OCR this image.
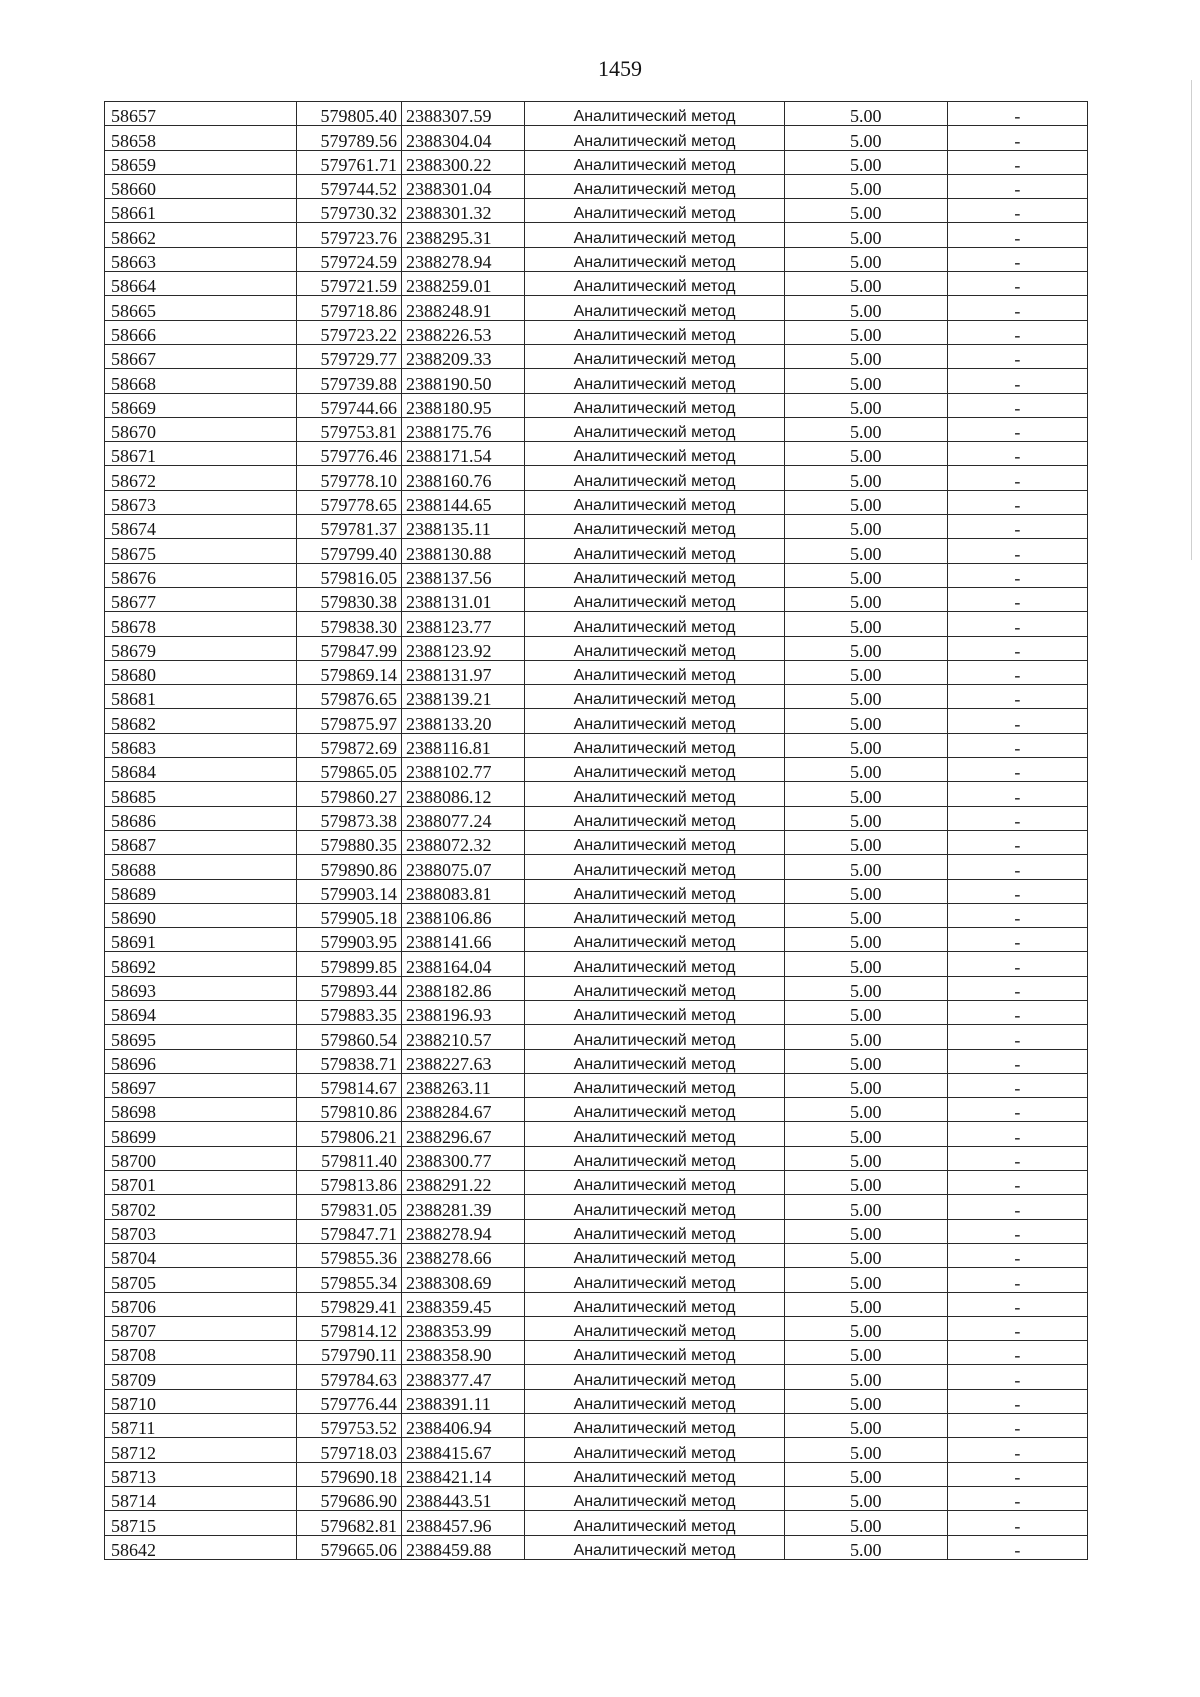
1459
58657	579805.40	2388307.59	Аналитический метод	5.00	-
58658	579789.56	2388304.04	Аналитический метод	5.00	-
58659	579761.71	2388300.22	Аналитический метод	5.00	-
58660	579744.52	2388301.04	Аналитический метод	5.00	-
58661	579730.32	2388301.32	Аналитический метод	5.00	-
58662	579723.76	2388295.31	Аналитический метод	5.00	-
58663	579724.59	2388278.94	Аналитический метод	5.00	-
58664	579721.59	2388259.01	Аналитический метод	5.00	-
58665	579718.86	2388248.91	Аналитический метод	5.00	-
58666	579723.22	2388226.53	Аналитический метод	5.00	-
58667	579729.77	2388209.33	Аналитический метод	5.00	-
58668	579739.88	2388190.50	Аналитический метод	5.00	-
58669	579744.66	2388180.95	Аналитический метод	5.00	-
58670	579753.81	2388175.76	Аналитический метод	5.00	-
58671	579776.46	2388171.54	Аналитический метод	5.00	-
58672	579778.10	2388160.76	Аналитический метод	5.00	-
58673	579778.65	2388144.65	Аналитический метод	5.00	-
58674	579781.37	2388135.11	Аналитический метод	5.00	-
58675	579799.40	2388130.88	Аналитический метод	5.00	-
58676	579816.05	2388137.56	Аналитический метод	5.00	-
58677	579830.38	2388131.01	Аналитический метод	5.00	-
58678	579838.30	2388123.77	Аналитический метод	5.00	-
58679	579847.99	2388123.92	Аналитический метод	5.00	-
58680	579869.14	2388131.97	Аналитический метод	5.00	-
58681	579876.65	2388139.21	Аналитический метод	5.00	-
58682	579875.97	2388133.20	Аналитический метод	5.00	-
58683	579872.69	2388116.81	Аналитический метод	5.00	-
58684	579865.05	2388102.77	Аналитический метод	5.00	-
58685	579860.27	2388086.12	Аналитический метод	5.00	-
58686	579873.38	2388077.24	Аналитический метод	5.00	-
58687	579880.35	2388072.32	Аналитический метод	5.00	-
58688	579890.86	2388075.07	Аналитический метод	5.00	-
58689	579903.14	2388083.81	Аналитический метод	5.00	-
58690	579905.18	2388106.86	Аналитический метод	5.00	-
58691	579903.95	2388141.66	Аналитический метод	5.00	-
58692	579899.85	2388164.04	Аналитический метод	5.00	-
58693	579893.44	2388182.86	Аналитический метод	5.00	-
58694	579883.35	2388196.93	Аналитический метод	5.00	-
58695	579860.54	2388210.57	Аналитический метод	5.00	-
58696	579838.71	2388227.63	Аналитический метод	5.00	-
58697	579814.67	2388263.11	Аналитический метод	5.00	-
58698	579810.86	2388284.67	Аналитический метод	5.00	-
58699	579806.21	2388296.67	Аналитический метод	5.00	-
58700	579811.40	2388300.77	Аналитический метод	5.00	-
58701	579813.86	2388291.22	Аналитический метод	5.00	-
58702	579831.05	2388281.39	Аналитический метод	5.00	-
58703	579847.71	2388278.94	Аналитический метод	5.00	-
58704	579855.36	2388278.66	Аналитический метод	5.00	-
58705	579855.34	2388308.69	Аналитический метод	5.00	-
58706	579829.41	2388359.45	Аналитический метод	5.00	-
58707	579814.12	2388353.99	Аналитический метод	5.00	-
58708	579790.11	2388358.90	Аналитический метод	5.00	-
58709	579784.63	2388377.47	Аналитический метод	5.00	-
58710	579776.44	2388391.11	Аналитический метод	5.00	-
58711	579753.52	2388406.94	Аналитический метод	5.00	-
58712	579718.03	2388415.67	Аналитический метод	5.00	-
58713	579690.18	2388421.14	Аналитический метод	5.00	-
58714	579686.90	2388443.51	Аналитический метод	5.00	-
58715	579682.81	2388457.96	Аналитический метод	5.00	-
58642	579665.06	2388459.88	Аналитический метод	5.00	-
